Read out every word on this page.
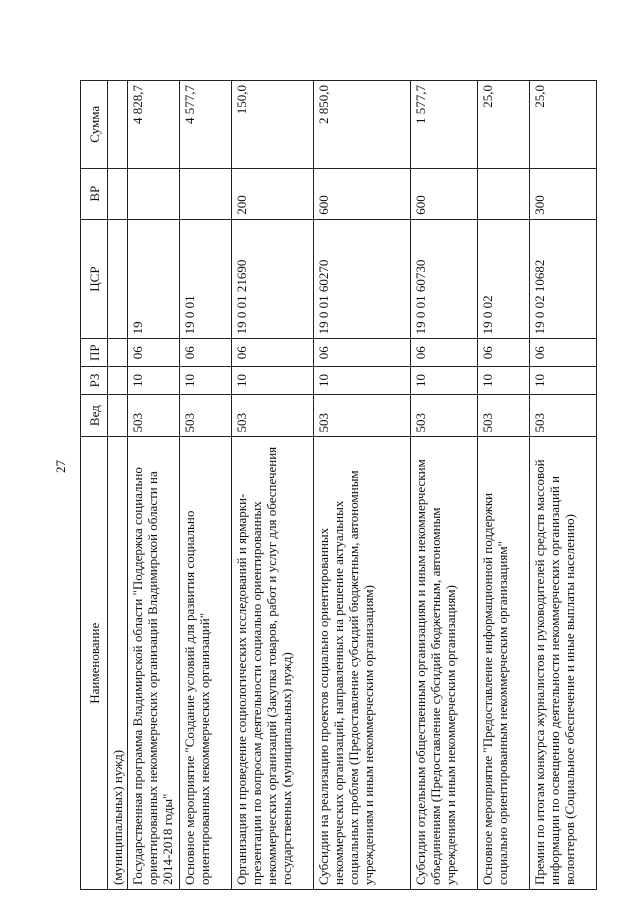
27
Наименование	Вед	РЗ	ПР	ЦСР	ВР	Сумма
(муниципальных) нужд)						
Государственная программа Владимирской области "Поддержка социально ориентированных некоммерческих организаций Владимирской области на 2014-2018 годы"	503	10	06	19		4 828,7
Основное мероприятие "Создание условий для развития социально ориентированных некоммерческих организаций"	503	10	06	19 0 01		4 577,7
Организация и проведение социологических исследований и ярмарки-презентации по вопросам деятельности социально ориентированных некоммерческих организаций (Закупка товаров, работ и услуг для обеспечения государственных (муниципальных) нужд)	503	10	06	19 0 01 21690	200	150,0
Субсидии на реализацию проектов социально ориентированных некоммерческих организаций, направленных на решение актуальных социальных проблем (Предоставление субсидий бюджетным, автономным учреждениям и иным некоммерческим организациям)	503	10	06	19 0 01 60270	600	2 850,0
Субсидии отдельным общественным организациям и иным некоммерческим объединениям (Предоставление субсидий бюджетным, автономным учреждениям и иным некоммерческим организациям)	503	10	06	19 0 01 60730	600	1 577,7
Основное мероприятие "Предоставление информационной поддержки социально ориентированным некоммерческим организациям"	503	10	06	19 0 02		25,0
Премии по итогам конкурса журналистов и руководителей средств массовой информации по освещению деятельности некоммерческих организаций и волонтеров (Социальное обеспечение и иные выплаты населению)	503	10	06	19 0 02 10682	300	25,0
